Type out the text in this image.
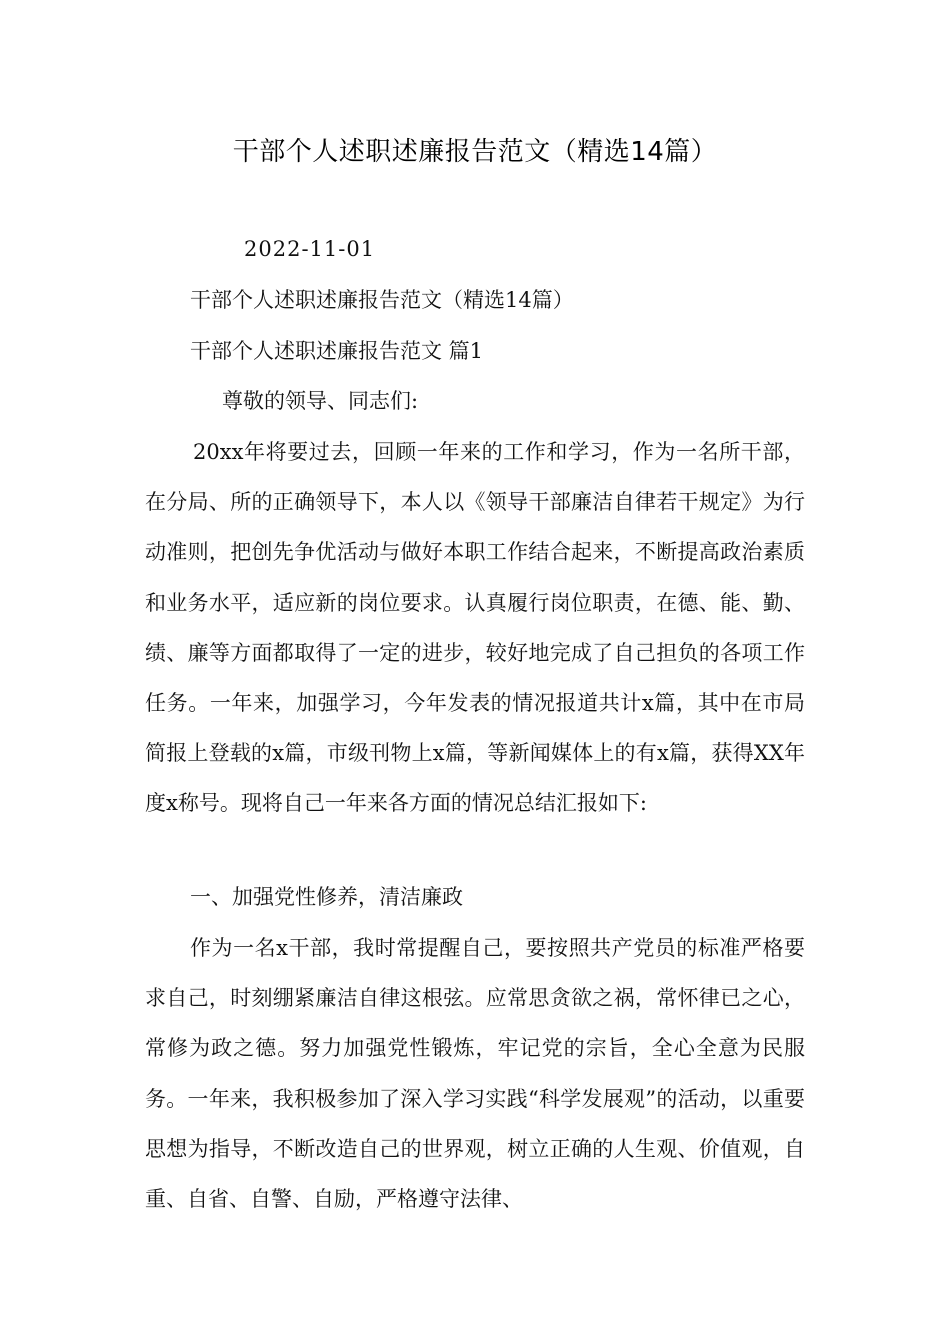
干部个人述职述廉报告范文（精选14篇）
2022-11-01
干部个人述职述廉报告范文（精选14篇）
干部个人述职述廉报告范文 篇1
尊敬的领导、同志们:
20xx年将要过去，回顾一年来的工作和学习，作为一名所干部，在分局、所的正确领导下，本人以《领导干部廉洁自律若干规定》为行动准则，把创先争优活动与做好本职工作结合起来，不断提高政治素质和业务水平，适应新的岗位要求。认真履行岗位职责，在德、能、勤、绩、廉等方面都取得了一定的进步，较好地完成了自己担负的各项工作任务。一年来，加强学习，今年发表的情况报道共计x篇，其中在市局简报上登载的x篇，市级刊物上x篇，等新闻媒体上的有x篇，获得XX年度x称号。现将自己一年来各方面的情况总结汇报如下:
一、加强党性修养，清洁廉政
作为一名x干部，我时常提醒自己，要按照共产党员的标准严格要求自己，时刻绷紧廉洁自律这根弦。应常思贪欲之祸，常怀律已之心，常修为政之德。努力加强党性锻炼，牢记党的宗旨，全心全意为民服务。一年来，我积极参加了深入学习实践“科学发展观”的活动，以重要思想为指导，不断改造自己的世界观，树立正确的人生观、价值观，自重、自省、自警、自励，严格遵守法律、
